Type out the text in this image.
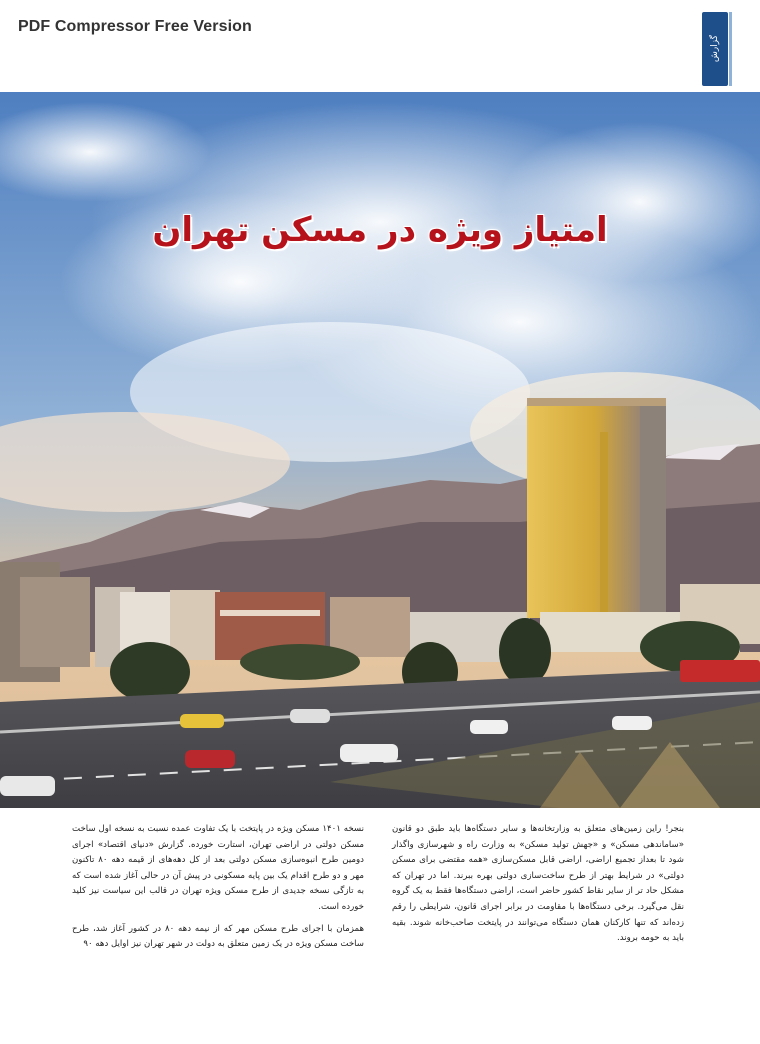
PDF Compressor Free Version
گزارش
امتیاز ویژه در مسکن تهران

بنجر! راین زمین‌های متعلق به وزارتخانه‌ها و سایر دستگاه‌ها باید طبق دو قانون «ساماندهی مسکن» و «جهش تولید مسکن» به وزارت راه و شهرسازی واگذار شود تا بعداز تجمیع اراضی، اراضی قابل مسکن‌سازی «همه مقتضی برای مسکن دولتی» در شرایط بهتر از طرح ساخت‌سازی دولتی بهره ببرند. اما در تهران که مشکل حاد تر از سایر نقاط کشور حاضر است، اراضی دستگاه‌ها فقط به یک گروه نقل می‌گیرد. برخی دستگاه‌ها با مقاومت در برابر اجرای قانون، شرایطی را رقم زده‌اند که تنها کارکنان همان دستگاه می‌توانند در پایتخت صاحب‌خانه شوند. بقیه باید به حومه بروند.

نسخه ۱۴۰۱ مسکن ویژه در پایتخت با یک تفاوت عمده نسبت به نسخه اول ساخت مسکن دولتی در اراضی تهران، استارت خورده. گزارش «دنیای اقتصاد» اجرای دومین طرح انبوه‌سازی مسکن دولتی بعد از کل دهه‌های از قیمه دهه ۸۰ تاکنون مهر و دو طرح اقدام یک بین پایه مسکونی در پیش آن در حالی آغاز شده است که به تازگی نسخه جدیدی از طرح مسکن ویژه تهران در قالب این سیاست نیز کلید خورده است.

همزمان با اجرای طرح مسکن مهر که از نیمه دهه ۸۰ در کشور آغاز شد، طرح ساخت مسکن ویژه در یک زمین متعلق به دولت در شهر تهران نیز اوایل دهه ۹۰
